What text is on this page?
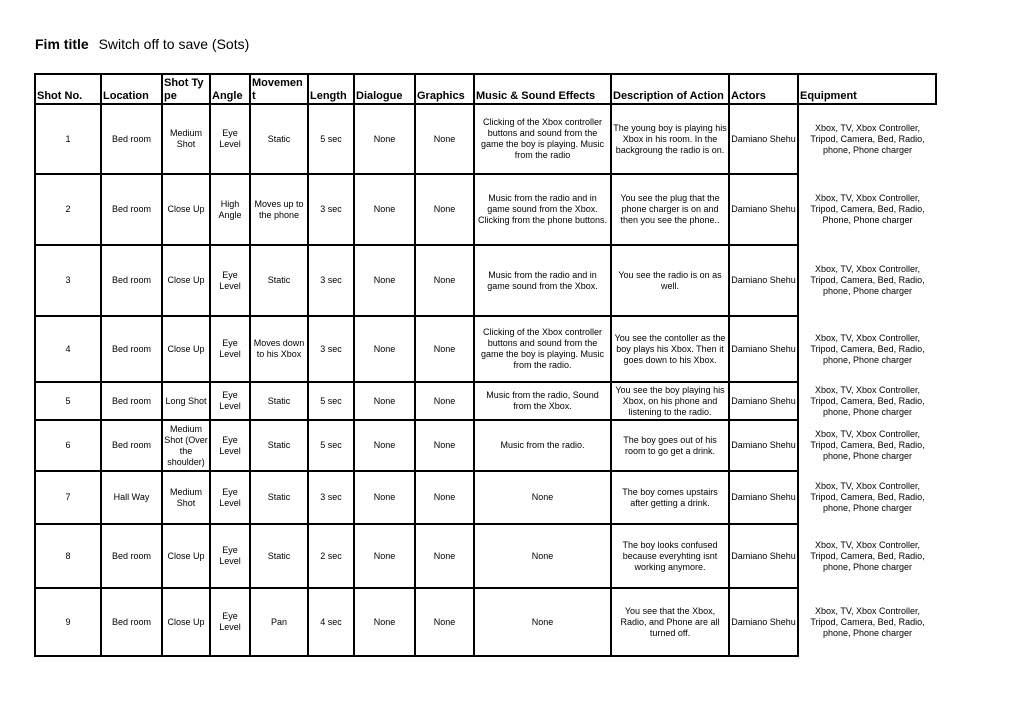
Fim title Switch off to save (Sots)
Shot No.	Location	Shot Type	Angle	Movement	Length	Dialogue	Graphics	Music & Sound Effects	Description of Action	Actors	Equipment
1	Bed room	Medium Shot	Eye Level	Static	5 sec	None	None	Clicking of the Xbox controller buttons and sound from the game the boy is playing. Music from the radio	The young boy is playing his Xbox in his room. In the backgroung the radio is on.	Damiano Shehu	Xbox, TV, Xbox Controller, Tripod, Camera, Bed, Radio, phone, Phone charger
2	Bed room	Close Up	High Angle	Moves up to the phone	3 sec	None	None	Music from the radio and in game sound from the Xbox. Clicking from the phone buttons.	You see the plug that the phone charger is on and then you see the phone..	Damiano Shehu	Xbox, TV, Xbox Controller, Tripod, Camera, Bed, Radio, Phone, Phone charger
3	Bed room	Close Up	Eye Level	Static	3 sec	None	None	Music from the radio and in game sound from the Xbox.	You see the radio is on as well.	Damiano Shehu	Xbox, TV, Xbox Controller, Tripod, Camera, Bed, Radio, phone, Phone charger
4	Bed room	Close Up	Eye Level	Moves down to his Xbox	3 sec	None	None	Clicking of the Xbox controller buttons and sound from the game the boy is playing. Music from the radio.	You see the contoller as the boy plays his Xbox. Then it goes down to his Xbox.	Damiano Shehu	Xbox, TV, Xbox Controller, Tripod, Camera, Bed, Radio, phone, Phone charger
5	Bed room	Long Shot	Eye Level	Static	5 sec	None	None	Music from the radio, Sound from the Xbox.	You see the boy playing his Xbox, on his phone and listening to the radio.	Damiano Shehu	Xbox, TV, Xbox Controller, Tripod, Camera, Bed, Radio, phone, Phone charger
6	Bed room	Medium Shot (Over the shoulder)	Eye Level	Static	5 sec	None	None	Music from the radio.	The boy goes out of his room to go get a drink.	Damiano Shehu	Xbox, TV, Xbox Controller, Tripod, Camera, Bed, Radio, phone, Phone charger
7	Hall Way	Medium Shot	Eye Level	Static	3 sec	None	None	None	The boy comes upstairs after getting a drink.	Damiano Shehu	Xbox, TV, Xbox Controller, Tripod, Camera, Bed, Radio, phone, Phone charger
8	Bed room	Close Up	Eye Level	Static	2 sec	None	None	None	The boy looks confused because everyhting isnt working anymore.	Damiano Shehu	Xbox, TV, Xbox Controller, Tripod, Camera, Bed, Radio, phone, Phone charger
9	Bed room	Close Up	Eye Level	Pan	4 sec	None	None	None	You see that the Xbox, Radio, and Phone are all turned off.	Damiano Shehu	Xbox, TV, Xbox Controller, Tripod, Camera, Bed, Radio, phone, Phone charger
